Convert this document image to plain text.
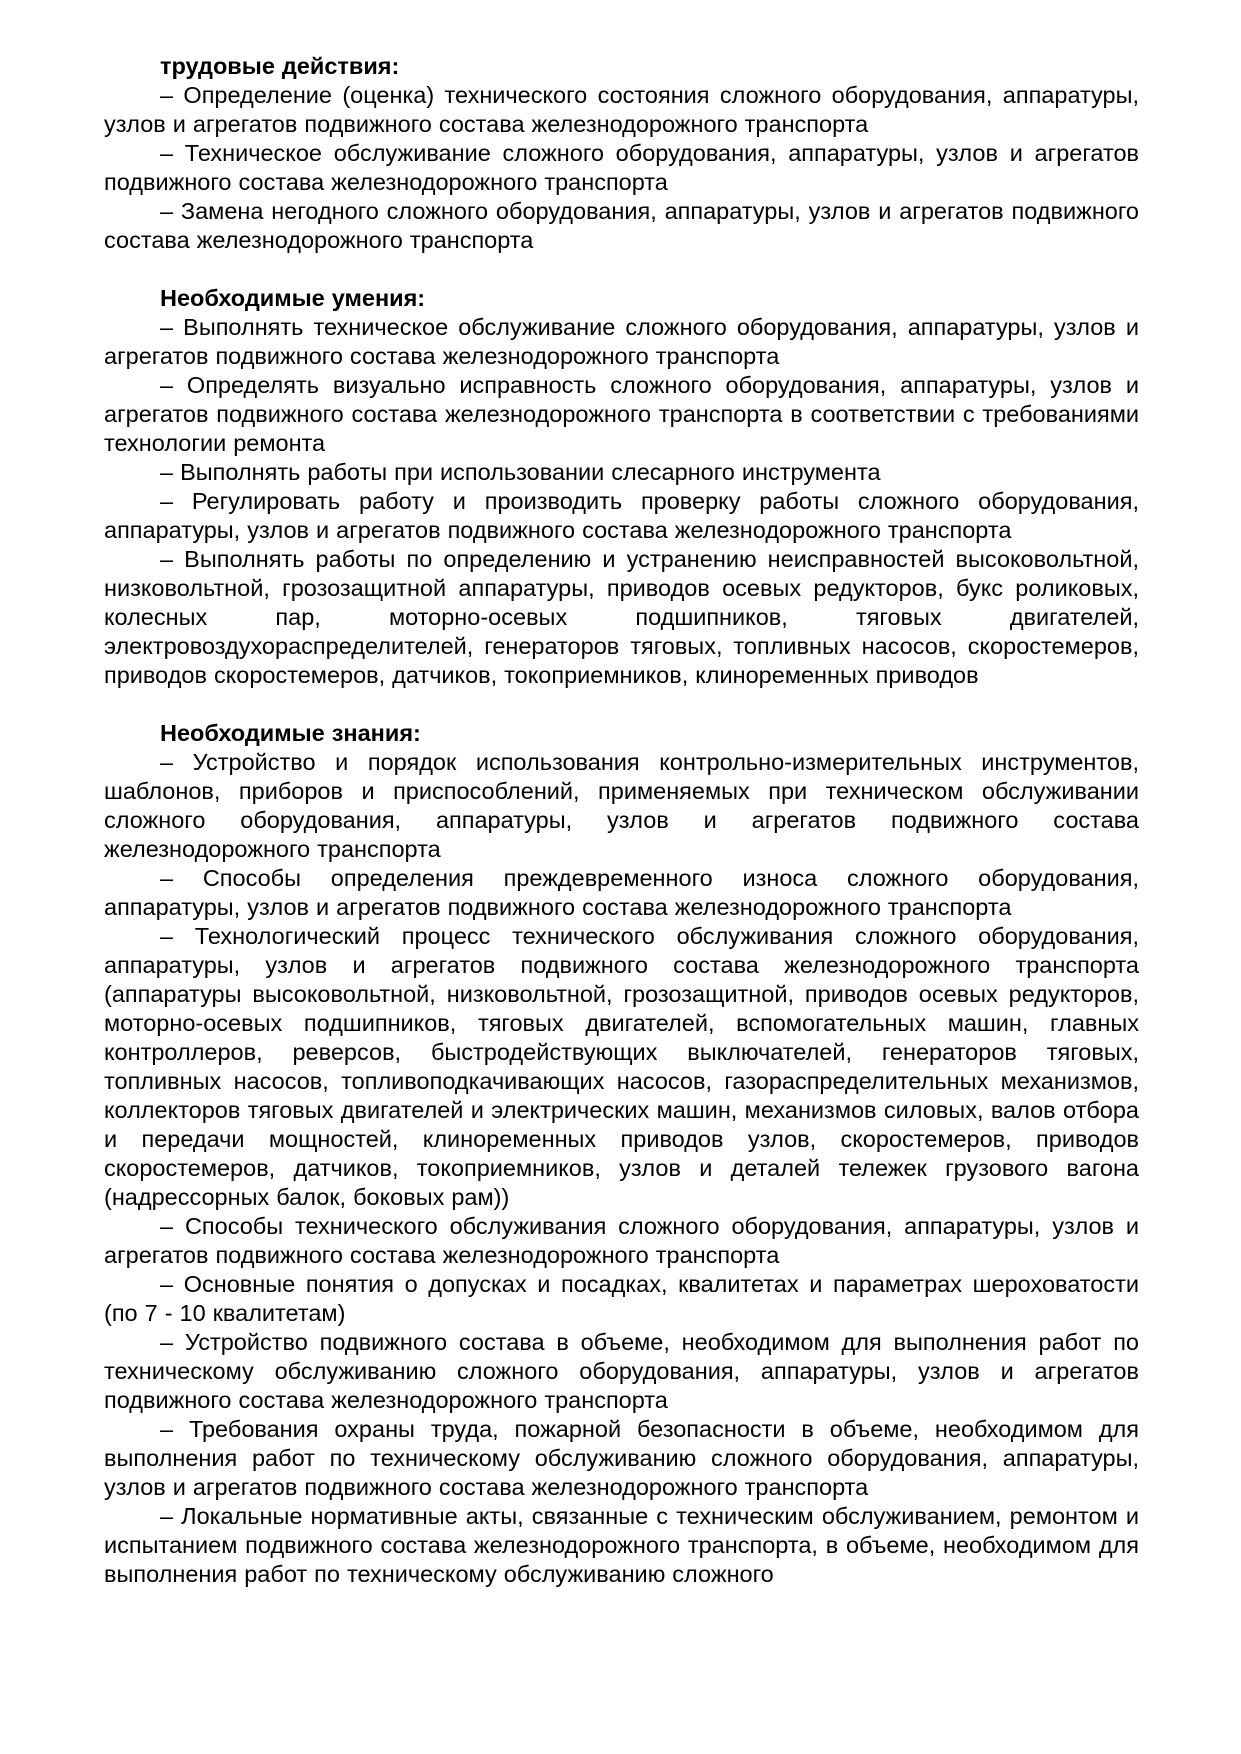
трудовые действия:

– Определение (оценка) технического состояния сложного оборудования, аппаратуры, узлов и агрегатов подвижного состава железнодорожного транспорта

– Техническое обслуживание сложного оборудования, аппаратуры, узлов и агрегатов подвижного состава железнодорожного транспорта

– Замена негодного сложного оборудования, аппаратуры, узлов и агрегатов подвижного состава железнодорожного транспорта

Необходимые умения:

– Выполнять техническое обслуживание сложного оборудования, аппаратуры, узлов и агрегатов подвижного состава железнодорожного транспорта

– Определять визуально исправность сложного оборудования, аппаратуры, узлов и агрегатов подвижного состава железнодорожного транспорта в соответствии с требованиями технологии ремонта

– Выполнять работы при использовании слесарного инструмента

– Регулировать работу и производить проверку работы сложного оборудования, аппаратуры, узлов и агрегатов подвижного состава железнодорожного транспорта

– Выполнять работы по определению и устранению неисправностей высоковольтной, низковольтной, грозозащитной аппаратуры, приводов осевых редукторов, букс роликовых, колесных пар, моторно-осевых подшипников, тяговых двигателей, электровоздухораспределителей, генераторов тяговых, топливных насосов, скоростемеров, приводов скоростемеров, датчиков, токоприемников, клиноременных приводов

Необходимые знания:

– Устройство и порядок использования контрольно-измерительных инструментов, шаблонов, приборов и приспособлений, применяемых при техническом обслуживании сложного оборудования, аппаратуры, узлов и агрегатов подвижного состава железнодорожного транспорта

– Способы определения преждевременного износа сложного оборудования, аппаратуры, узлов и агрегатов подвижного состава железнодорожного транспорта

– Технологический процесс технического обслуживания сложного оборудования, аппаратуры, узлов и агрегатов подвижного состава железнодорожного транспорта (аппаратуры высоковольтной, низковольтной, грозозащитной, приводов осевых редукторов, моторно-осевых подшипников, тяговых двигателей, вспомогательных машин, главных контроллеров, реверсов, быстродействующих выключателей, генераторов тяговых, топливных насосов, топливоподкачивающих насосов, газораспределительных механизмов, коллекторов тяговых двигателей и электрических машин, механизмов силовых, валов отбора и передачи мощностей, клиноременных приводов узлов, скоростемеров, приводов скоростемеров, датчиков, токоприемников, узлов и деталей тележек грузового вагона (надрессорных балок, боковых рам))

– Способы технического обслуживания сложного оборудования, аппаратуры, узлов и агрегатов подвижного состава железнодорожного транспорта

– Основные понятия о допусках и посадках, квалитетах и параметрах шероховатости (по 7 - 10 квалитетам)

– Устройство подвижного состава в объеме, необходимом для выполнения работ по техническому обслуживанию сложного оборудования, аппаратуры, узлов и агрегатов подвижного состава железнодорожного транспорта

– Требования охраны труда, пожарной безопасности в объеме, необходимом для выполнения работ по техническому обслуживанию сложного оборудования, аппаратуры, узлов и агрегатов подвижного состава железнодорожного транспорта

– Локальные нормативные акты, связанные с техническим обслуживанием, ремонтом и испытанием подвижного состава железнодорожного транспорта, в объеме, необходимом для выполнения работ по техническому обслуживанию сложного
